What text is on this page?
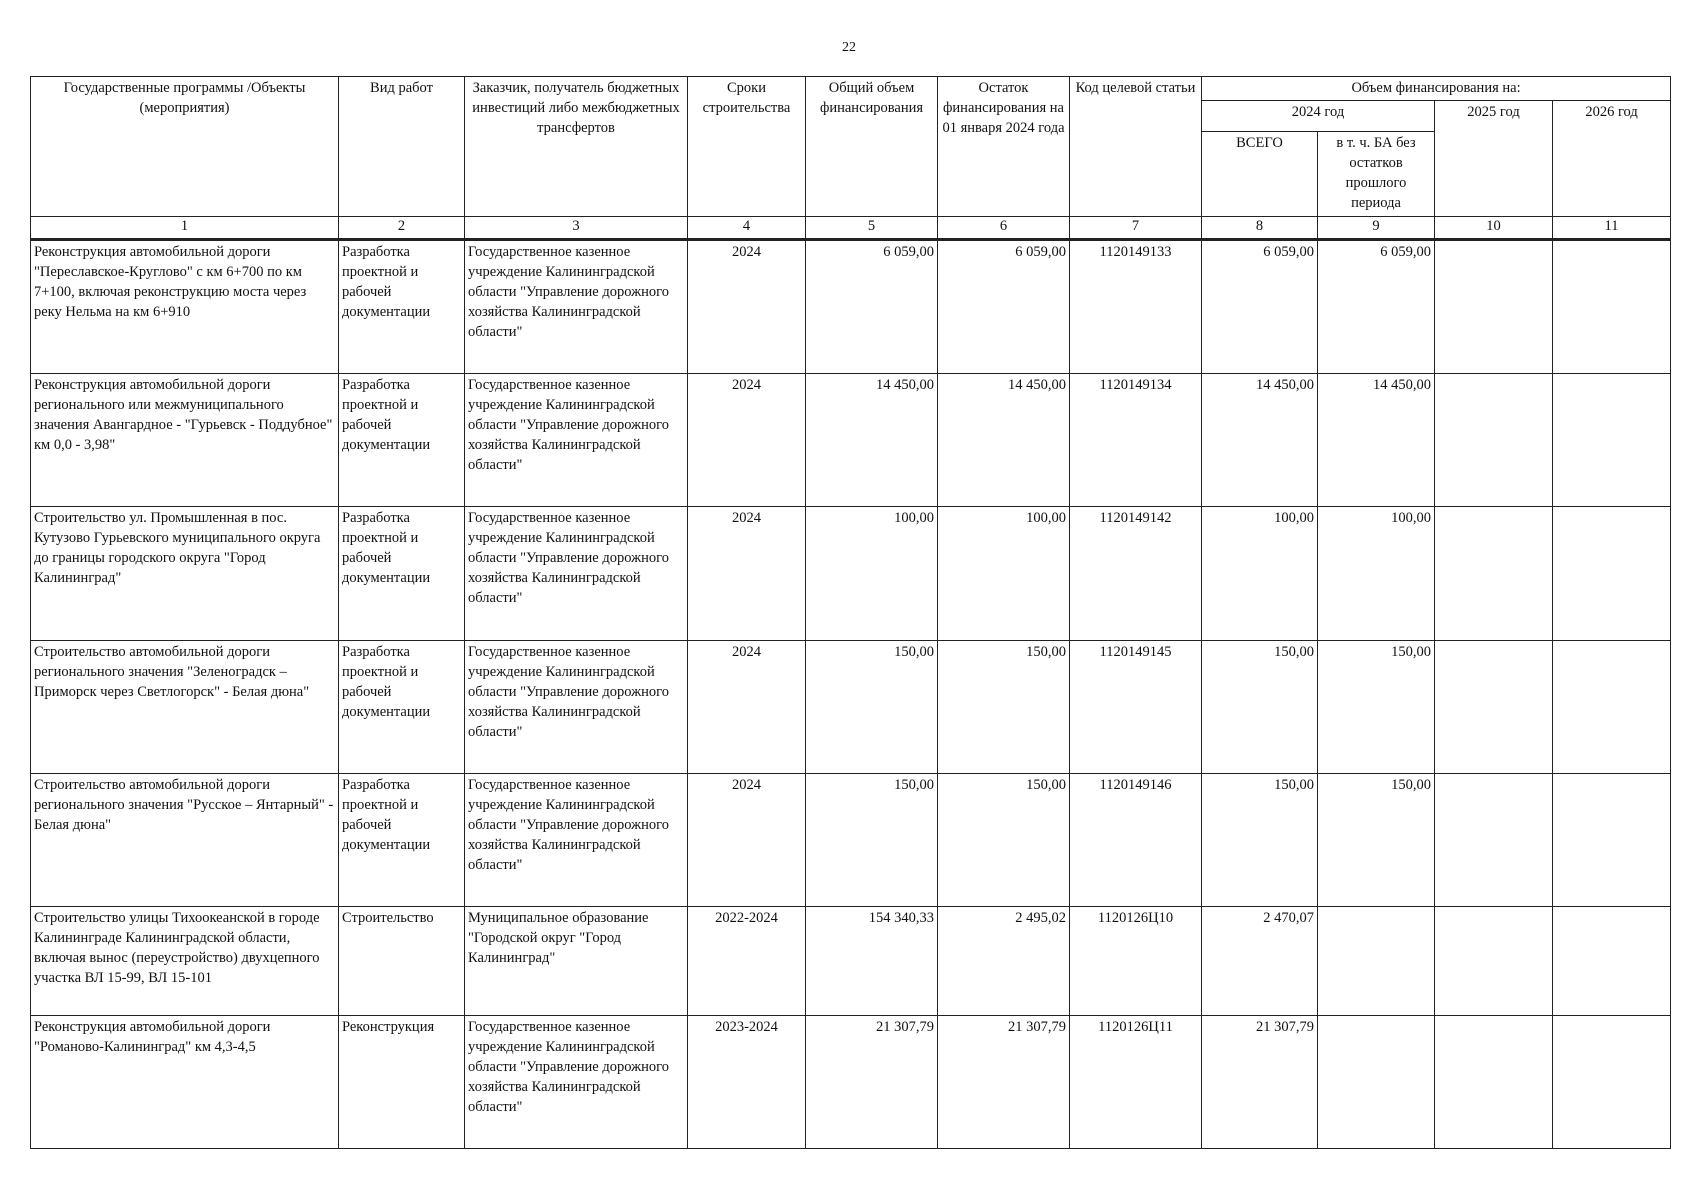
22
Государственные программы /Объекты (мероприятия)	Вид работ	Заказчик, получатель бюджетных инвестиций либо межбюджетных трансфертов	Сроки строительства	Общий объем финансирования	Остаток финансирования на 01 января 2024 года	Код целевой статьи	Объем финансирования на:			
							2024 год		2025 год	2026 год
							ВСЕГО	в т. ч. БА без остатков прошлого периода		
1	2	3	4	5	6	7	8	9	10	11
Реконструкция автомобильной дороги "Переславское-Круглово" с км 6+700 по км 7+100, включая реконструкцию моста через реку Нельма на км 6+910	Разработка проектной и рабочей документации	Государственное казенное учреждение Калининградской области "Управление дорожного хозяйства Калининградской области"	2024	6 059,00	6 059,00	1120149133	6 059,00	6 059,00		
Реконструкция автомобильной дороги регионального или межмуниципального значения Авангардное - "Гурьевск - Поддубное" км 0,0 - 3,98"	Разработка проектной и рабочей документации	Государственное казенное учреждение Калининградской области "Управление дорожного хозяйства Калининградской области"	2024	14 450,00	14 450,00	1120149134	14 450,00	14 450,00		
Строительство ул. Промышленная в пос. Кутузово Гурьевского муниципального округа до границы городского округа "Город Калининград"	Разработка проектной и рабочей документации	Государственное казенное учреждение Калининградской области "Управление дорожного хозяйства Калининградской области"	2024	100,00	100,00	1120149142	100,00	100,00		
Строительство автомобильной дороги регионального значения "Зеленоградск – Приморск через Светлогорск" - Белая дюна"	Разработка проектной и рабочей документации	Государственное казенное учреждение Калининградской области "Управление дорожного хозяйства Калининградской области"	2024	150,00	150,00	1120149145	150,00	150,00		
Строительство автомобильной дороги регионального значения "Русское – Янтарный" - Белая дюна"	Разработка проектной и рабочей документации	Государственное казенное учреждение Калининградской области "Управление дорожного хозяйства Калининградской области"	2024	150,00	150,00	1120149146	150,00	150,00		
Строительство улицы Тихоокеанской в городе Калининграде Калининградской области, включая вынос (переустройство) двухцепного участка ВЛ 15-99, ВЛ 15-101	Строительство	Муниципальное образование "Городской округ "Город Калининград"	2022-2024	154 340,33	2 495,02	1120126Ц10	2 470,07			
Реконструкция автомобильной дороги "Романово-Калининград" км 4,3-4,5	Реконструкция	Государственное казенное учреждение Калининградской области "Управление дорожного хозяйства Калининградской области"	2023-2024	21 307,79	21 307,79	1120126Ц11	21 307,79			
